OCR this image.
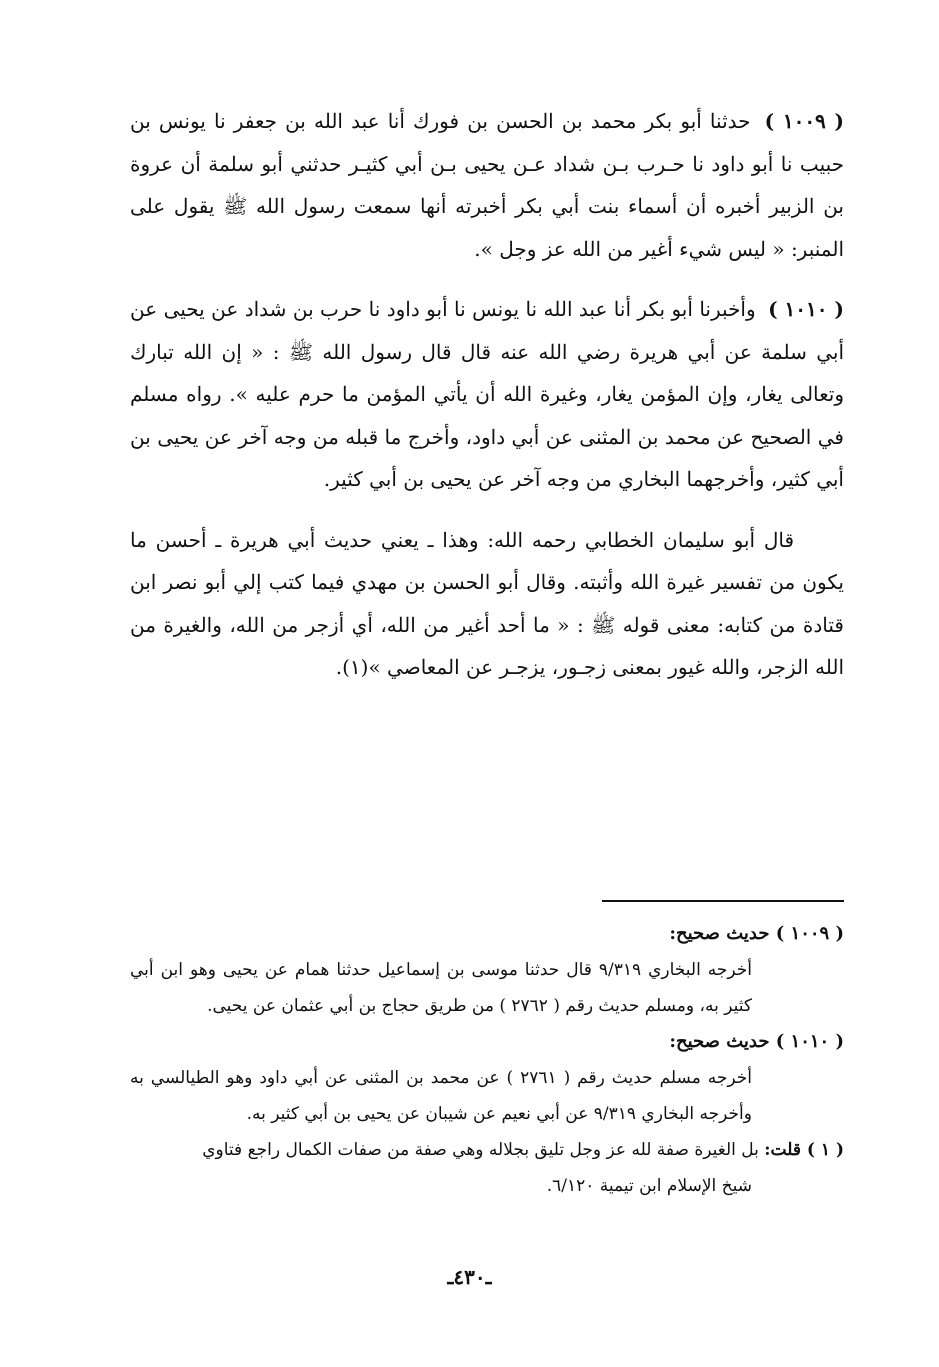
( ١٠٠٩ ) حدثنا أبو بكر محمد بن الحسن بن فورك أنا عبد الله بن جعفر نا يونس بن حبيب نا أبو داود نا حـرب بـن شداد عـن يحيى بـن أبي كثيـر حدثني أبو سلمة أن عروة بن الزبير أخبره أن أسماء بنت أبي بكر أخبرته أنها سمعت رسول الله ﷺ يقول على المنبر: « ليس شيء أغير من الله عز وجل ».

( ١٠١٠ ) وأخبرنا أبو بكر أنا عبد الله نا يونس نا أبو داود نا حرب بن شداد عن يحيى عن أبي سلمة عن أبي هريرة رضي الله عنه قال قال رسول الله ﷺ : « إن الله تبارك وتعالى يغار، وإن المؤمن يغار، وغيرة الله أن يأتي المؤمن ما حرم عليه ». رواه مسلم في الصحيح عن محمد بن المثنى عن أبي داود، وأخرج ما قبله من وجه آخر عن يحيى بن أبي كثير، وأخرجهما البخاري من وجه آخر عن يحيى بن أبي كثير.

قال أبو سليمان الخطابي رحمه الله: وهذا ـ يعني حديث أبي هريرة ـ أحسن ما يكون من تفسير غيرة الله وأثبته. وقال أبو الحسن بن مهدي فيما كتب إلي أبو نصر ابن قتادة من كتابه: معنى قوله ﷺ : « ما أحد أغير من الله، أي أزجر من الله، والغيرة من الله الزجر، والله غيور بمعنى زجـور، يزجـر عن المعاصي »(١).

( ١٠٠٩ ) حديث صحيح:

أخرجه البخاري ٩/٣١٩ قال حدثنا موسى بن إسماعيل حدثنا همام عن يحيى وهو ابن أبي كثير به، ومسلم حديث رقم ( ٢٧٦٢ ) من طريق حجاج بن أبي عثمان عن يحيى.

( ١٠١٠ ) حديث صحيح:

أخرجه مسلم حديث رقم ( ٢٧٦١ ) عن محمد بن المثنى عن أبي داود وهو الطيالسي به وأخرجه البخاري ٩/٣١٩ عن أبي نعيم عن شيبان عن يحيى بن أبي كثير به.

( ١ ) قلت: بل الغيرة صفة لله عز وجل تليق بجلاله وهي صفة من صفات الكمال راجع فتاوي
شيخ الإسلام ابن تيمية ٦/١٢٠.

ـ٤٣٠ـ
